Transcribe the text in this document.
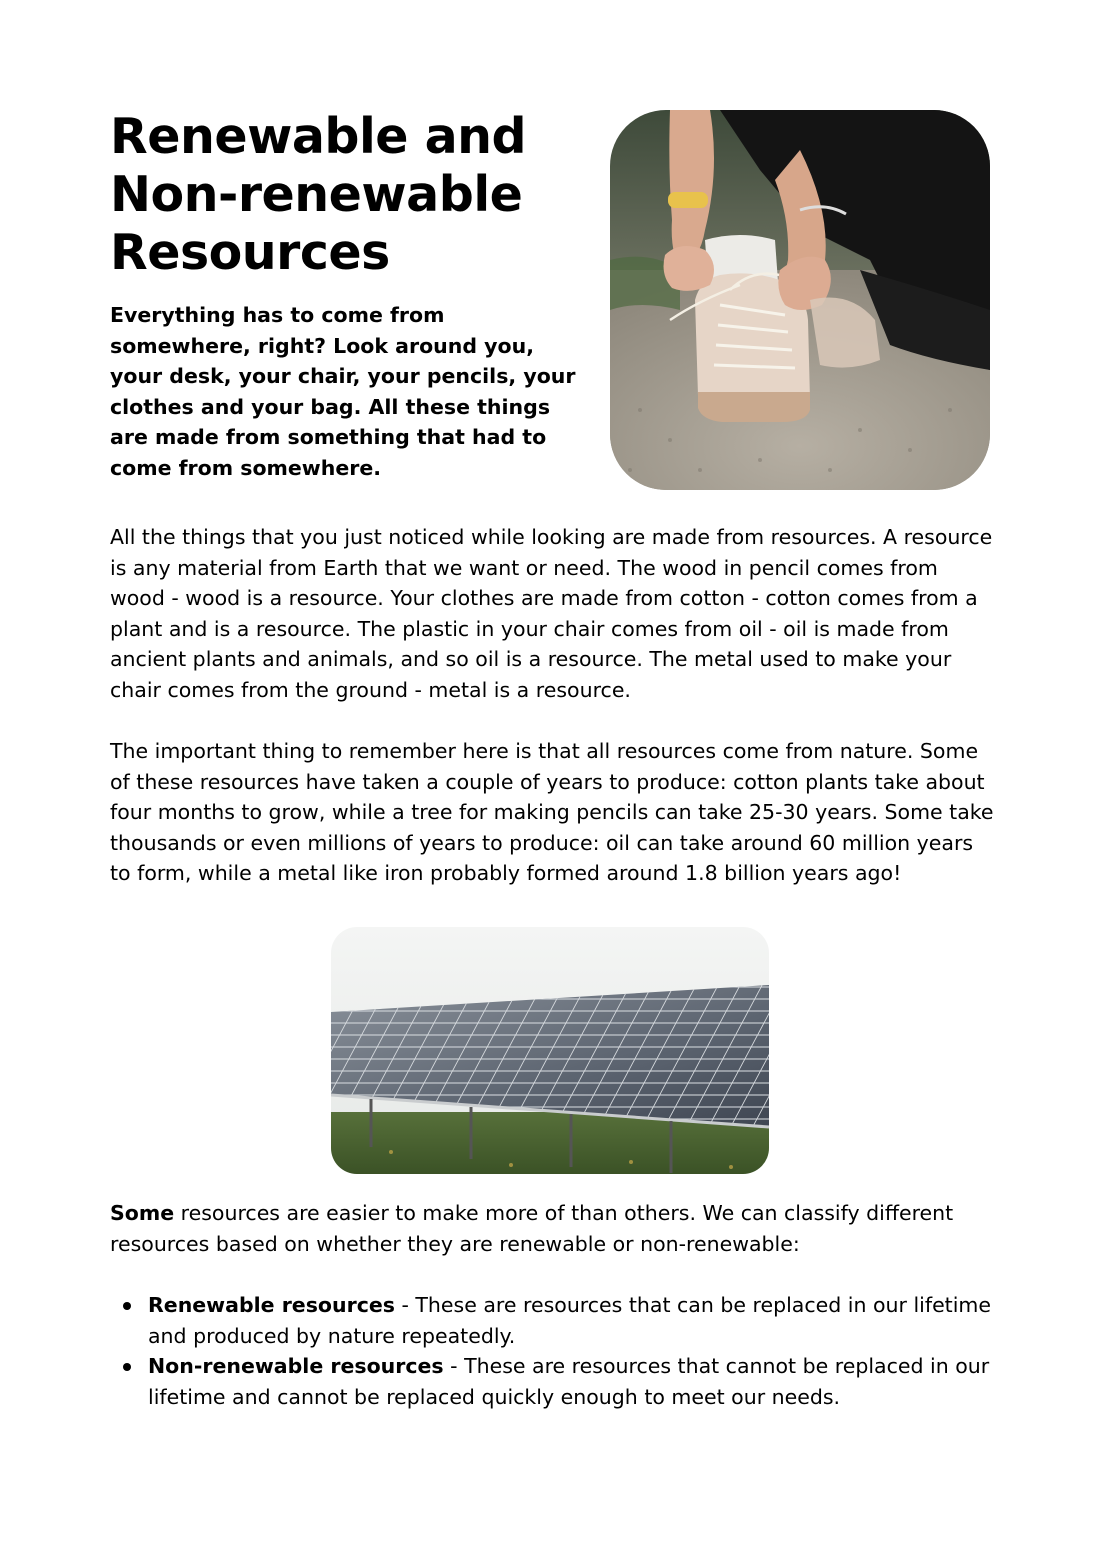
Renewable and Non-renewable Resources

Everything has to come from somewhere, right? Look around you, your desk, your chair, your pencils, your clothes and your bag. All these things are made from something that had to come from somewhere.

All the things that you just noticed while looking are made from resources. A resource is any material from Earth that we want or need. The wood in pencil comes from wood - wood is a resource. Your clothes are made from cotton - cotton comes from a plant and is a resource. The plastic in your chair comes from oil - oil is made from ancient plants and animals, and so oil is a resource. The metal used to make your chair comes from the ground - metal is a resource.

The important thing to remember here is that all resources come from nature. Some of these resources have taken a couple of years to produce: cotton plants take about four months to grow, while a tree for making pencils can take 25-30 years. Some take thousands or even millions of years to produce: oil can take around 60 million years to form, while a metal like iron probably formed around 1.8 billion years ago!

Some resources are easier to make more of than others. We can classify different resources based on whether they are renewable or non-renewable:

Renewable resources - These are resources that can be replaced in our lifetime and produced by nature repeatedly.
Non-renewable resources - These are resources that cannot be replaced in our lifetime and cannot be replaced quickly enough to meet our needs.
